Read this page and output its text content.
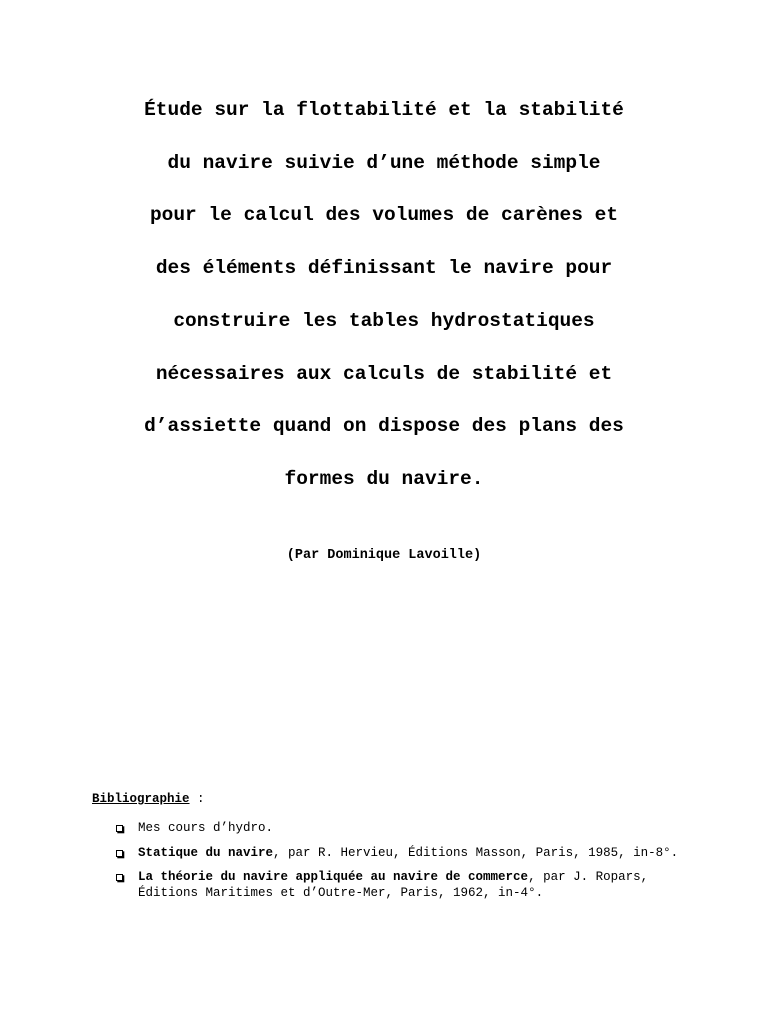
Étude sur la flottabilité et la stabilité

du navire suivie d’une méthode simple

pour le calcul des volumes de carènes et

des éléments définissant le navire pour

construire les tables hydrostatiques

nécessaires aux calculs de stabilité et

d’assiette quand on dispose des plans des

formes du navire.

(Par Dominique Lavoille)
Bibliographie :
Mes cours d’hydro.
Statique du navire, par R. Hervieu, Éditions Masson, Paris, 1985, in-8°.
La théorie du navire appliquée au navire de commerce, par J. Ropars, Éditions Maritimes et d’Outre-Mer, Paris, 1962, in-4°.
